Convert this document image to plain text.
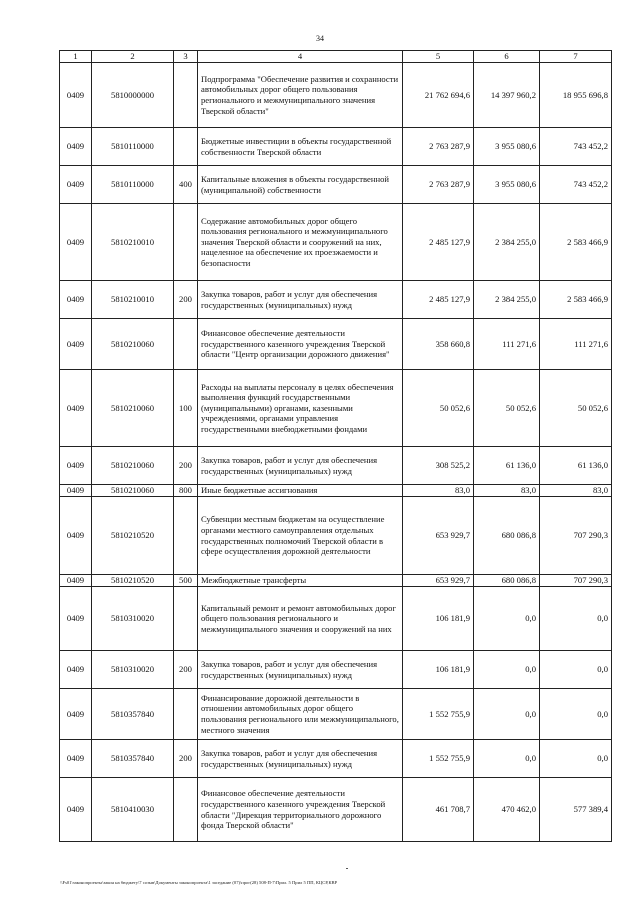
34
1	2	3	4	5	6	7
0409	5810000000		Подпрограмма "Обеспечение развития и сохранности автомобильных дорог общего пользования регионального и межмуниципального значения Тверской области"	21 762 694,6	14 397 960,2	18 955 696,8
0409	5810110000		Бюджетные инвестиции в объекты государственной собственности Тверской области	2 763 287,9	3 955 080,6	743 452,2
0409	5810110000	400	Капитальные вложения в объекты государственной (муниципальной) собственности	2 763 287,9	3 955 080,6	743 452,2
0409	5810210010		Содержание автомобильных дорог общего пользования регионального и межмуниципального значения Тверской области и сооружений на них, нацеленное на обеспечение их проезжаемости и безопасности	2 485 127,9	2 384 255,0	2 583 466,9
0409	5810210010	200	Закупка товаров, работ и услуг для обеспечения государственных (муниципальных) нужд	2 485 127,9	2 384 255,0	2 583 466,9
0409	5810210060		Финансовое обеспечение деятельности государственного казенного учреждения Тверской области "Центр организации дорожного движения"	358 660,8	111 271,6	111 271,6
0409	5810210060	100	Расходы на выплаты персоналу в целях обеспечения выполнения функций государственными (муниципальными) органами, казенными учреждениями, органами управления государственными внебюджетными фондами	50 052,6	50 052,6	50 052,6
0409	5810210060	200	Закупка товаров, работ и услуг для обеспечения государственных (муниципальных) нужд	308 525,2	61 136,0	61 136,0
0409	5810210060	800	Иные бюджетные ассигнования	83,0	83,0	83,0
0409	5810210520		Субвенции местным бюджетам на осуществление органами местного самоуправления отдельных государственных полномочий Тверской области в сфере осуществления дорожной деятельности	653 929,7	680 086,8	707 290,3
0409	5810210520	500	Межбюджетные трансферты	653 929,7	680 086,8	707 290,3
0409	5810310020		Капитальный ремонт и ремонт автомобильных дорог общего пользования регионального и межмуниципального значения и сооружений на них	106 181,9	0,0	0,0
0409	5810310020	200	Закупка товаров, работ и услуг для обеспечения государственных (муниципальных) нужд	106 181,9	0,0	0,0
0409	5810357840		Финансирование дорожной деятельности в отношении автомобильных дорог общего пользования регионального или межмуниципального, местного значения	1 552 755,9	0,0	0,0
0409	5810357840	200	Закупка товаров, работ и услуг для обеспечения государственных (муниципальных) нужд	1 552 755,9	0,0	0,0
0409	5810410030		Финансовое обеспечение деятельности государственного казенного учреждения Тверской области "Дирекция территориального дорожного фонда Тверской области"	461 708,7	470 462,0	577 389,4
\\Fs01\законопроекты\закон на бюджету\7 созыв\Документы законопроекта\1 заседание (07)\прог(28) 508-П-7\Прил. 5 Прил 5 ПП, КЦСР,КВР
